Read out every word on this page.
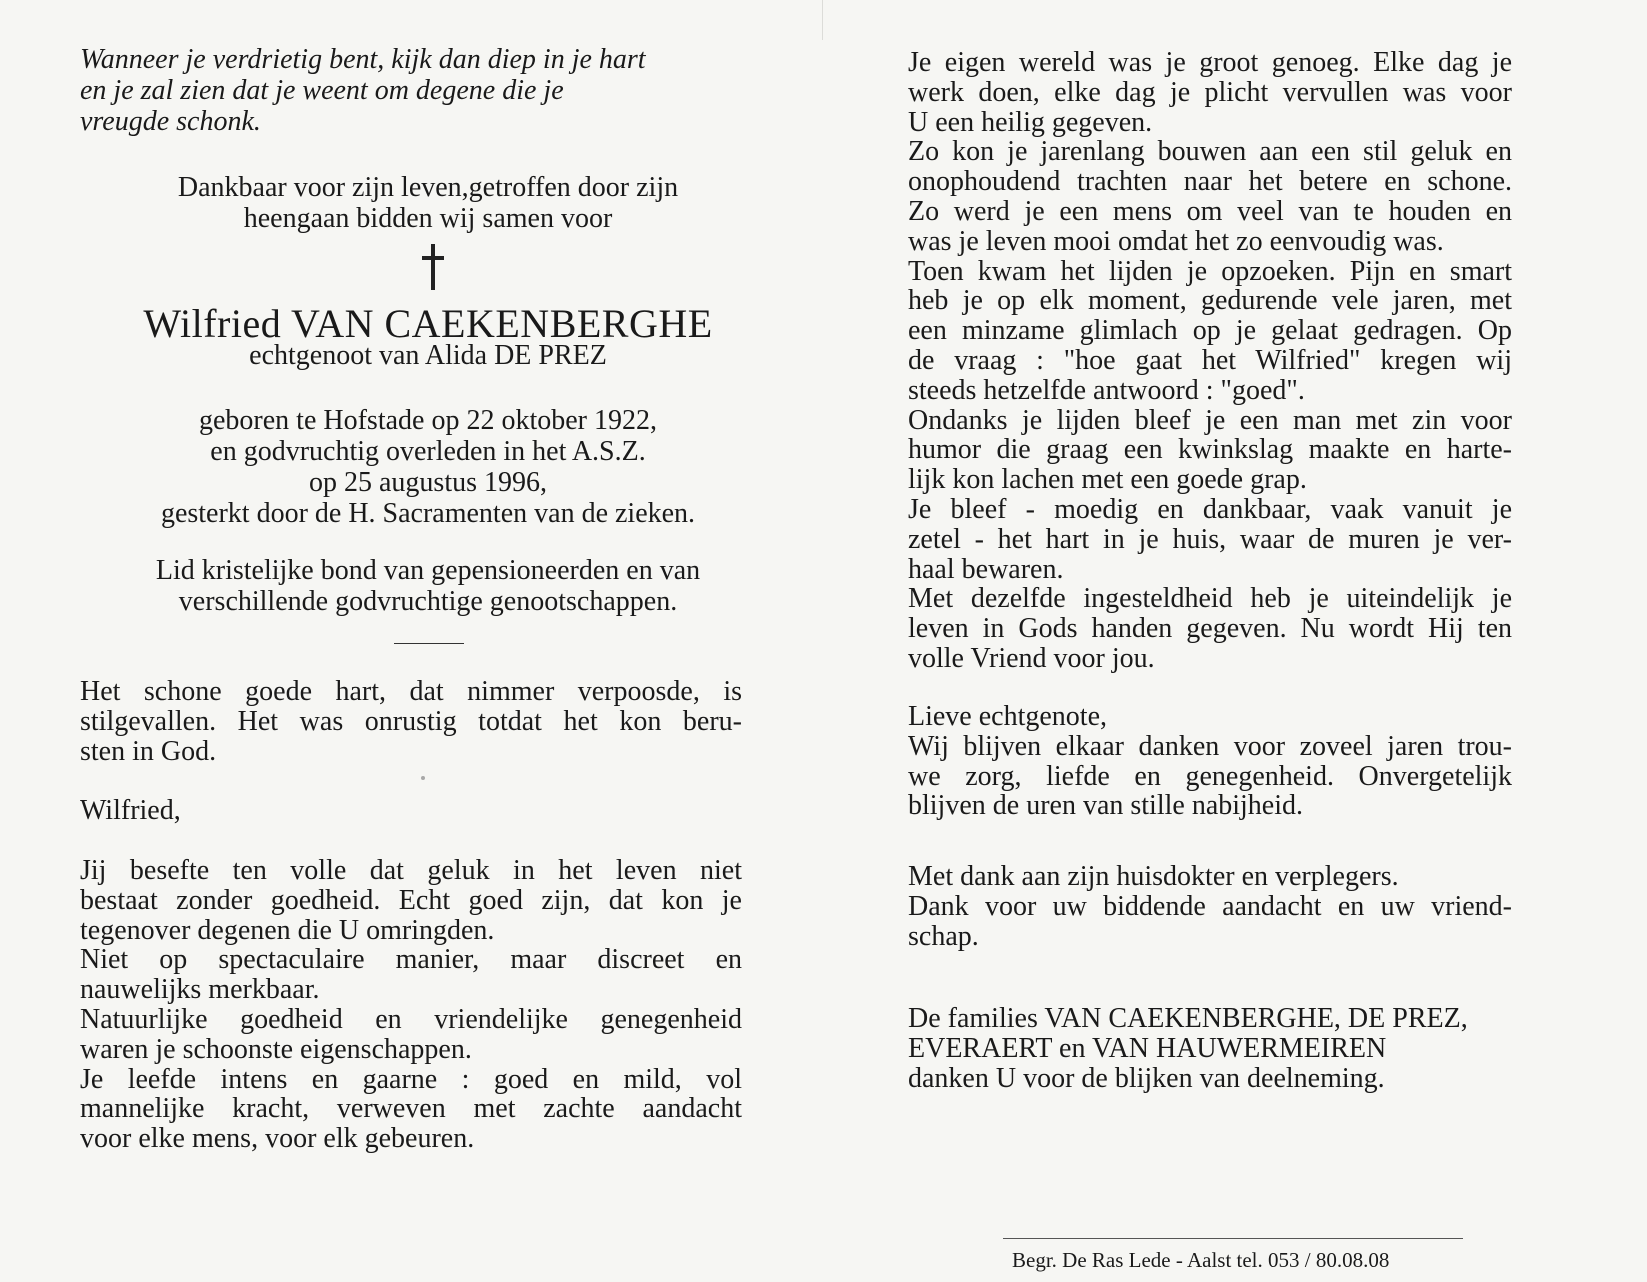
Wanneer je verdrietig bent, kijk dan diep in je hart
en je zal zien dat je weent om degene die je
vreugde schonk.
Dankbaar voor zijn leven,getroffen door zijn
heengaan bidden wij samen voor
Wilfried VAN CAEKENBERGHE
echtgenoot van Alida DE PREZ
geboren te Hofstade op 22 oktober 1922,
en godvruchtig overleden in het A.S.Z.
op 25 augustus 1996,
gesterkt door de H. Sacramenten van de zieken.
Lid kristelijke bond van gepensioneerden en van
verschillende godvruchtige genootschappen.
Het schone goede hart, dat nimmer verpoosde, is
stilgevallen. Het was onrustig totdat het kon beru-
sten in God.
Wilfried,
Jij besefte ten volle dat geluk in het leven niet
bestaat zonder goedheid. Echt goed zijn, dat kon je
tegenover degenen die U omringden.
Niet op spectaculaire manier, maar discreet en
nauwelijks merkbaar.
Natuurlijke goedheid en vriendelijke genegenheid
waren je schoonste eigenschappen.
Je leefde intens en gaarne : goed en mild, vol
mannelijke kracht, verweven met zachte aandacht
voor elke mens, voor elk gebeuren.
Je eigen wereld was je groot genoeg. Elke dag je
werk doen, elke dag je plicht vervullen was voor
U een heilig gegeven.
Zo kon je jarenlang bouwen aan een stil geluk en
onophoudend trachten naar het betere en schone.
Zo werd je een mens om veel van te houden en
was je leven mooi omdat het zo eenvoudig was.
Toen kwam het lijden je opzoeken. Pijn en smart
heb je op elk moment, gedurende vele jaren, met
een minzame glimlach op je gelaat gedragen. Op
de vraag : "hoe gaat het Wilfried" kregen wij
steeds hetzelfde antwoord : "goed".
Ondanks je lijden bleef je een man met zin voor
humor die graag een kwinkslag maakte en harte-
lijk kon lachen met een goede grap.
Je bleef - moedig en dankbaar, vaak vanuit je
zetel - het hart in je huis, waar de muren je ver-
haal bewaren.
Met dezelfde ingesteldheid heb je uiteindelijk je
leven in Gods handen gegeven. Nu wordt Hij ten
volle Vriend voor jou.
Lieve echtgenote,
Wij blijven elkaar danken voor zoveel jaren trou-
we zorg, liefde en genegenheid. Onvergetelijk
blijven de uren van stille nabijheid.
Met dank aan zijn huisdokter en verplegers.
Dank voor uw biddende aandacht en uw vriend-
schap.
De families VAN CAEKENBERGHE, DE PREZ,
EVERAERT en VAN HAUWERMEIREN
danken U voor de blijken van deelneming.
Begr. De Ras Lede - Aalst tel. 053 / 80.08.08
